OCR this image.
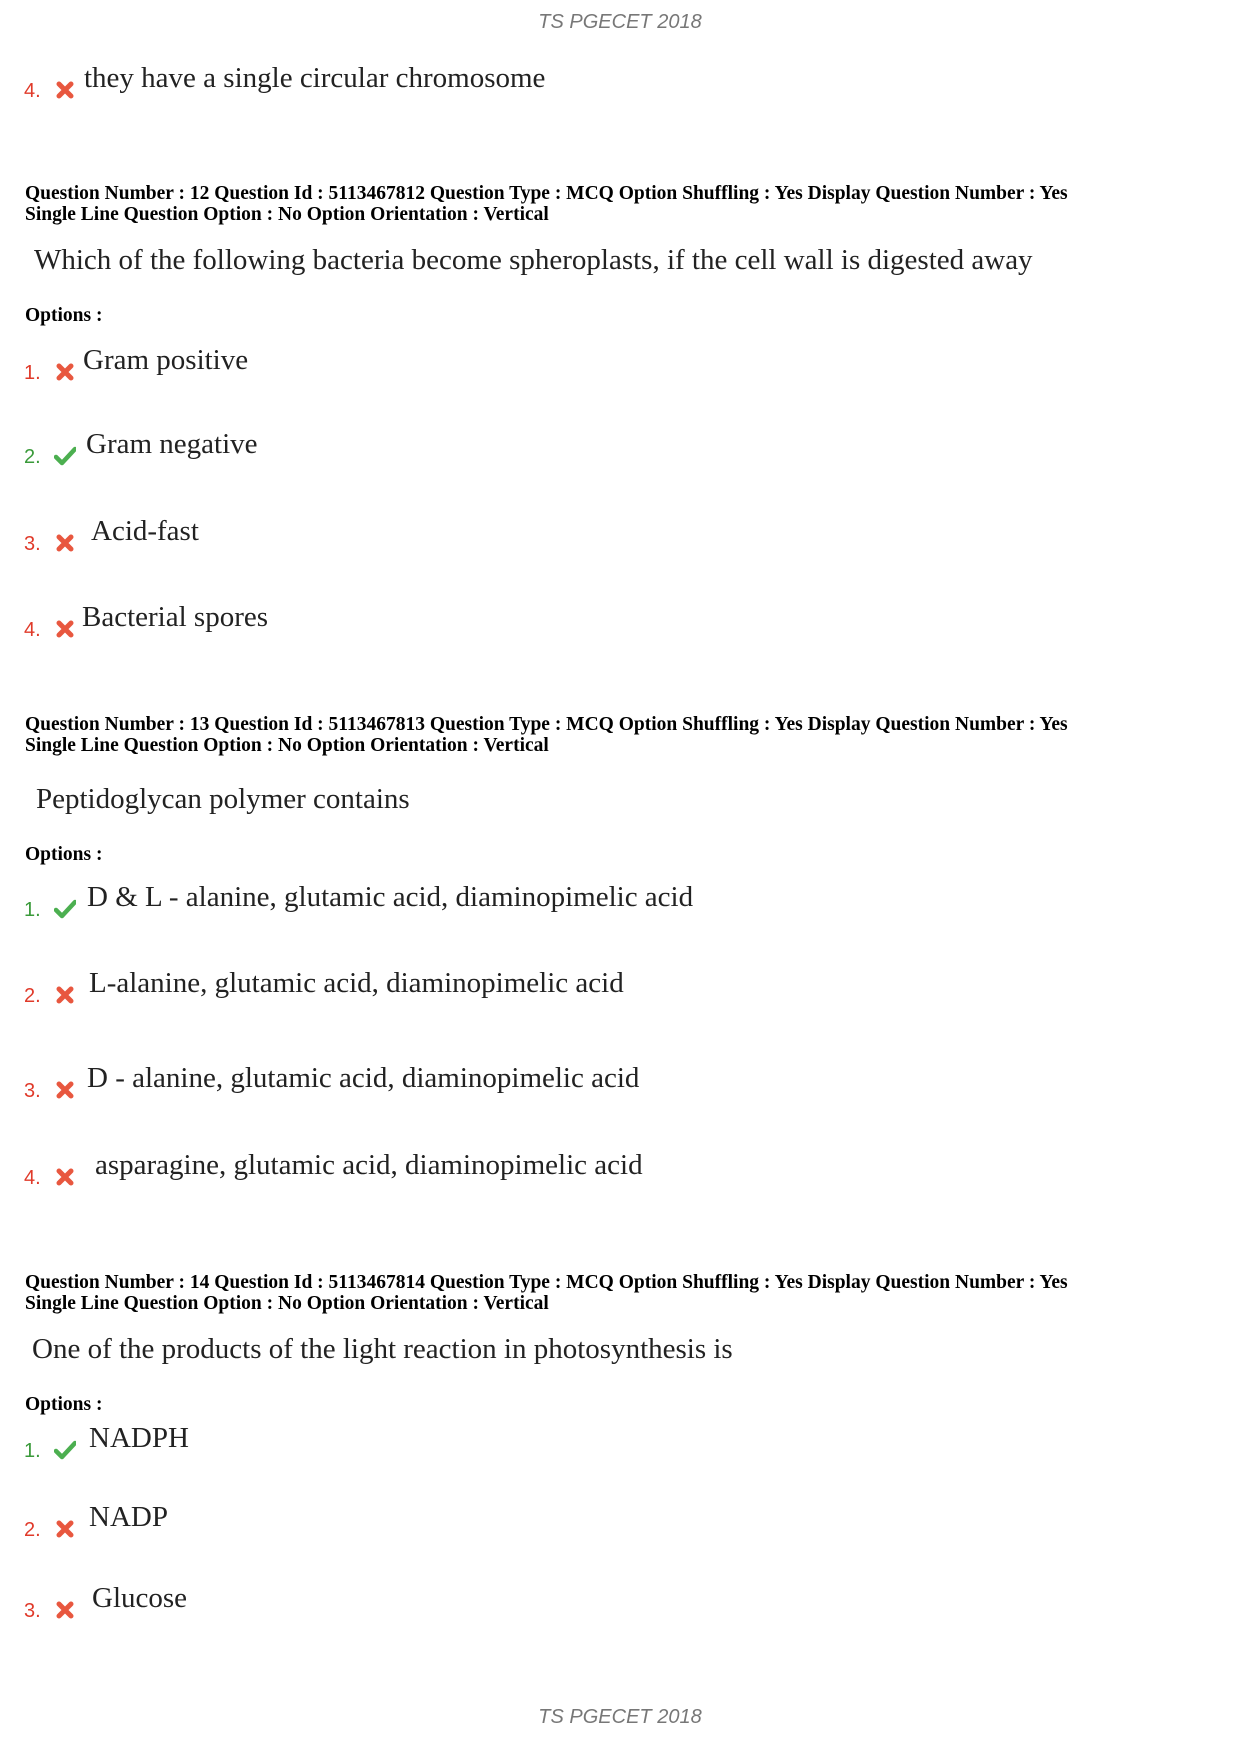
TS PGECET 2018
4. they have a single circular chromosome
Question Number : 12 Question Id : 5113467812 Question Type : MCQ Option Shuffling : Yes Display Question Number : Yes
Single Line Question Option : No Option Orientation : Vertical
Which of the following bacteria become spheroplasts, if the cell wall is digested away
Options :
1. Gram positive
2. Gram negative
3. Acid-fast
4. Bacterial spores
Question Number : 13 Question Id : 5113467813 Question Type : MCQ Option Shuffling : Yes Display Question Number : Yes
Single Line Question Option : No Option Orientation : Vertical
Peptidoglycan polymer contains
Options :
1. D & L - alanine, glutamic acid, diaminopimelic acid
2. L-alanine, glutamic acid, diaminopimelic acid
3. D - alanine, glutamic acid, diaminopimelic acid
4. asparagine, glutamic acid, diaminopimelic acid
Question Number : 14 Question Id : 5113467814 Question Type : MCQ Option Shuffling : Yes Display Question Number : Yes
Single Line Question Option : No Option Orientation : Vertical
One of the products of the light reaction in photosynthesis is
Options :
1. NADPH
2. NADP
3. Glucose
TS PGECET 2018
